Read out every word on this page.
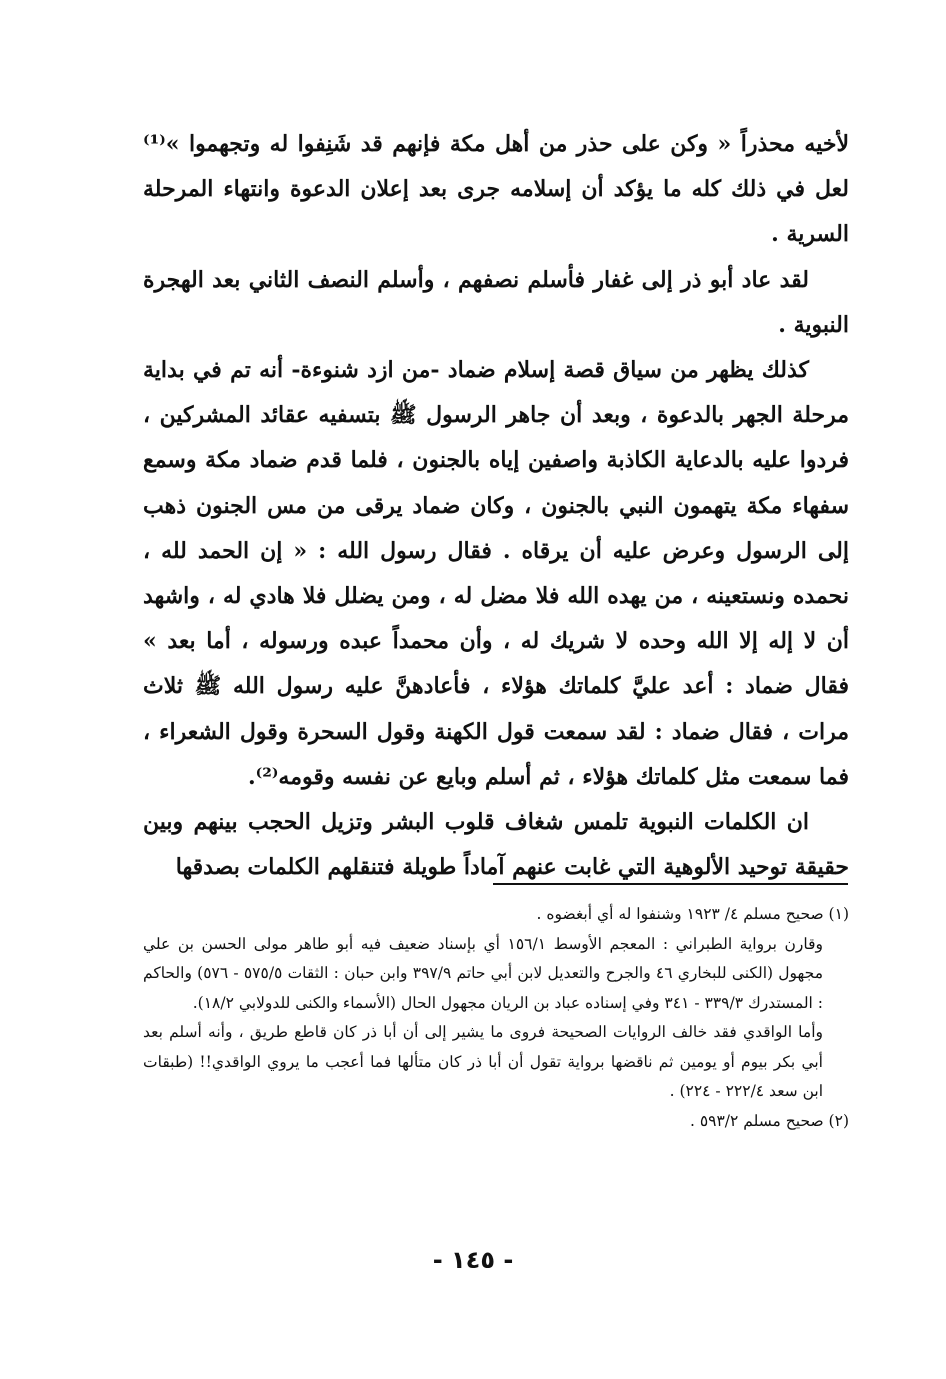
لأخيه محذراً « وكن على حذر من أهل مكة فإنهم قد شَنِفوا له وتجهموا »⁽¹⁾ لعل في ذلك كله ما يؤكد أن إسلامه جرى بعد إعلان الدعوة وانتهاء المرحلة السرية .

لقد عاد أبو ذر إلى غفار فأسلم نصفهم ، وأسلم النصف الثاني بعد الهجرة النبوية .

كذلك يظهر من سياق قصة إسلام ضماد -من ازد شنوءة- أنه تم في بداية مرحلة الجهر بالدعوة ، وبعد أن جاهر الرسول ﷺ بتسفيه عقائد المشركين ، فردوا عليه بالدعاية الكاذبة واصفين إياه بالجنون ، فلما قدم ضماد مكة وسمع سفهاء مكة يتهمون النبي بالجنون ، وكان ضماد يرقى من مس الجنون ذهب إلى الرسول وعرض عليه أن يرقاه . فقال رسول الله : « إن الحمد لله ، نحمده ونستعينه ، من يهده الله فلا مضل له ، ومن يضلل فلا هادي له ، واشهد أن لا إله إلا الله وحده لا شريك له ، وأن محمداً عبده ورسوله ، أما بعد » فقال ضماد : أعد عليَّ كلماتك هؤلاء ، فأعادهنَّ عليه رسول الله ﷺ ثلاث مرات ، فقال ضماد : لقد سمعت قول الكهنة وقول السحرة وقول الشعراء ، فما سمعت مثل كلماتك هؤلاء ، ثم أسلم وبايع عن نفسه وقومه⁽²⁾.

ان الكلمات النبوية تلمس شغاف قلوب البشر وتزيل الحجب بينهم وبين حقيقة توحيد الألوهية التي غابت عنهم آماداً طويلة فتنقلهم الكلمات بصدقها

(١) صحيح مسلم ٤/ ١٩٢٣ وشنفوا له أي أبغضوه .

وقارن برواية الطبراني : المعجم الأوسط ١٥٦/١ أي بإسناد ضعيف فيه أبو طاهر مولى الحسن بن علي مجهول (الكنى للبخاري ٤٦ والجرح والتعديل لابن أبي حاتم ٣٩٧/٩ وابن حبان : الثقات ٥٧٥/٥ - ٥٧٦) والحاكم : المستدرك ٣٣٩/٣ - ٣٤١ وفي إسناده عباد بن الريان مجهول الحال (الأسماء والكنى للدولابي ١٨/٢).

وأما الواقدي فقد خالف الروايات الصحيحة فروى ما يشير إلى أن أبا ذر كان قاطع طريق ، وأنه أسلم بعد أبي بكر بيوم أو يومين ثم ناقضها برواية تقول أن أبا ذر كان متألها فما أعجب ما يروي الواقدي!! (طبقات ابن سعد ٢٢٢/٤ - ٢٢٤) .

(٢) صحيح مسلم ٥٩٣/٢ .

- ١٤٥ -
